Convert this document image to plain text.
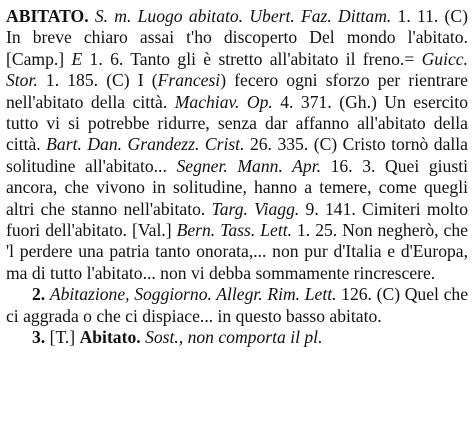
ABITATO. S. m. Luogo abitato. Ubert. Faz. Dittam. 1. 11. (C) In breve chiaro assai t'ho discoperto Del mondo l'abitato. [Camp.] E 1. 6. Tanto gli è stretto all'abitato il freno.= Guicc. Stor. 1. 185. (C) I (Francesi) fecero ogni sforzo per rientrare nell'abitato della città. Machiav. Op. 4. 371. (Gh.) Un esercito tutto vi si potrebbe ridurre, senza dar affanno all'abitato della città. Bart. Dan. Grandezz. Crist. 26. 335. (C) Cristo tornò dalla solitudine all'abitato... Segner. Mann. Apr. 16. 3. Quei giusti ancora, che vivono in solitudine, hanno a temere, come quegli altri che stanno nell'abitato. Targ. Viagg. 9. 141. Cimiteri molto fuori dell'abitato. [Val.] Bern. Tass. Lett. 1. 25. Non negherò, che 'l perdere una patria tanto onorata,... non pur d'Italia e d'Europa, ma di tutto l'abitato... non vi debba sommamente rincrescere.

2. Abitazione, Soggiorno. Allegr. Rim. Lett. 126. (C) Quel che ci aggrada o che ci dispiace... in questo basso abitato.

3. [T.] Abitato. Sost., non comporta il pl.
